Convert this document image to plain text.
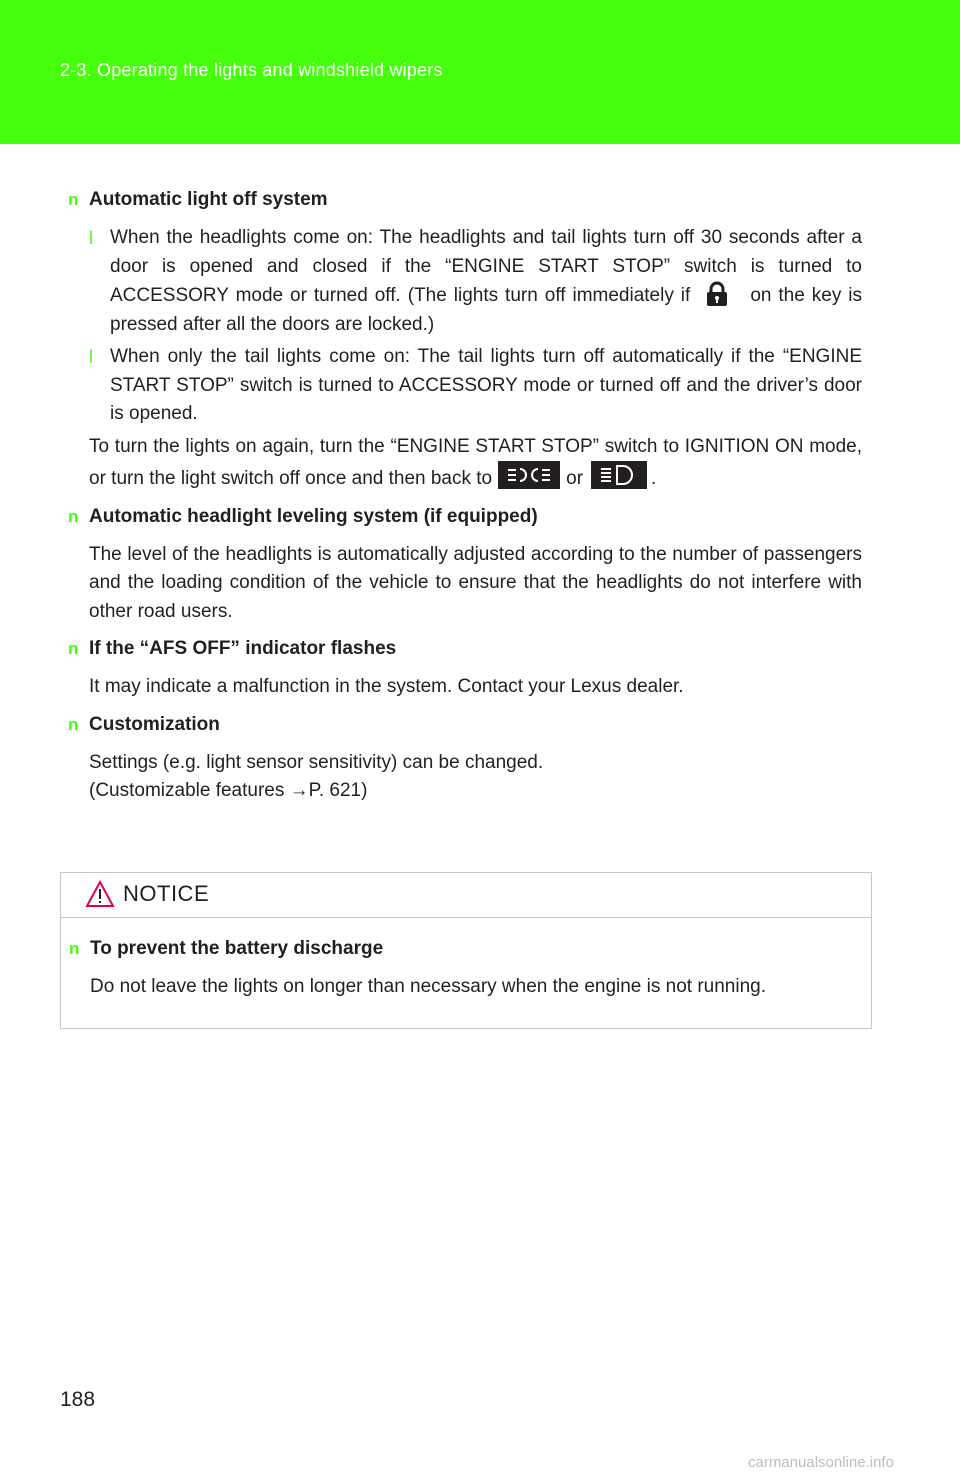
2-3. Operating the lights and windshield wipers
n Automatic light off system
l When the headlights come on: The headlights and tail lights turn off 30 seconds after a door is opened and closed if the “ENGINE START STOP” switch is turned to ACCESSORY mode or turned off. (The lights turn off immediately if	on the key is pressed after all the doors are locked.)
l When only the tail lights come on: The tail lights turn off automatically if the “ENGINE START STOP” switch is turned to ACCESSORY mode or turned off and the driver’s door is opened.
To turn the lights on again, turn the “ENGINE START STOP” switch to IGNITION ON mode, or turn the light switch off once and then back to	or	.
n Automatic headlight leveling system (if equipped)
The level of the headlights is automatically adjusted according to the number of passengers and the loading condition of the vehicle to ensure that the headlights do not interfere with other road users.
n If the “AFS OFF” indicator flashes
It may indicate a malfunction in the system. Contact your Lexus dealer.
n Customization
Settings (e.g. light sensor sensitivity) can be changed.
(Customizable features →P. 621)
NOTICE
n To prevent the battery discharge
Do not leave the lights on longer than necessary when the engine is not running.
188
carmanualsonline.info
